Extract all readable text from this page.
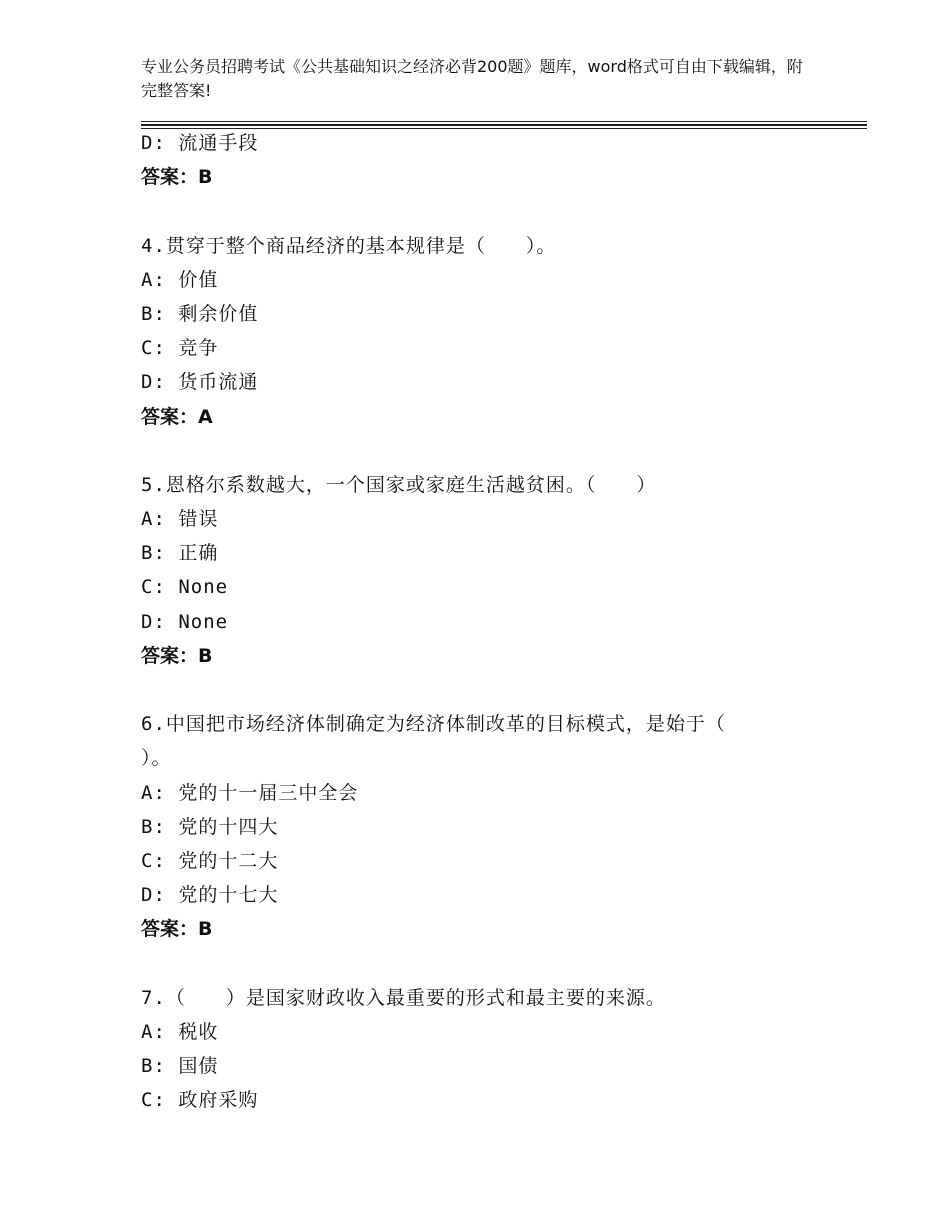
专业公务员招聘考试《公共基础知识之经济必背200题》题库，word格式可自由下载编辑，附完整答案!
D: 流通手段
答案：B
4.贯穿于整个商品经济的基本规律是（　　）。
A: 价值
B: 剩余价值
C: 竞争
D: 货币流通
答案：A
5.恩格尔系数越大，一个国家或家庭生活越贫困。（　　）
A: 错误
B: 正确
C: None
D: None
答案：B
6.中国把市场经济体制确定为经济体制改革的目标模式，是始于（
）。
A: 党的十一届三中全会
B: 党的十四大
C: 党的十二大
D: 党的十七大
答案：B
7.（　　）是国家财政收入最重要的形式和最主要的来源。
A: 税收
B: 国债
C: 政府采购
